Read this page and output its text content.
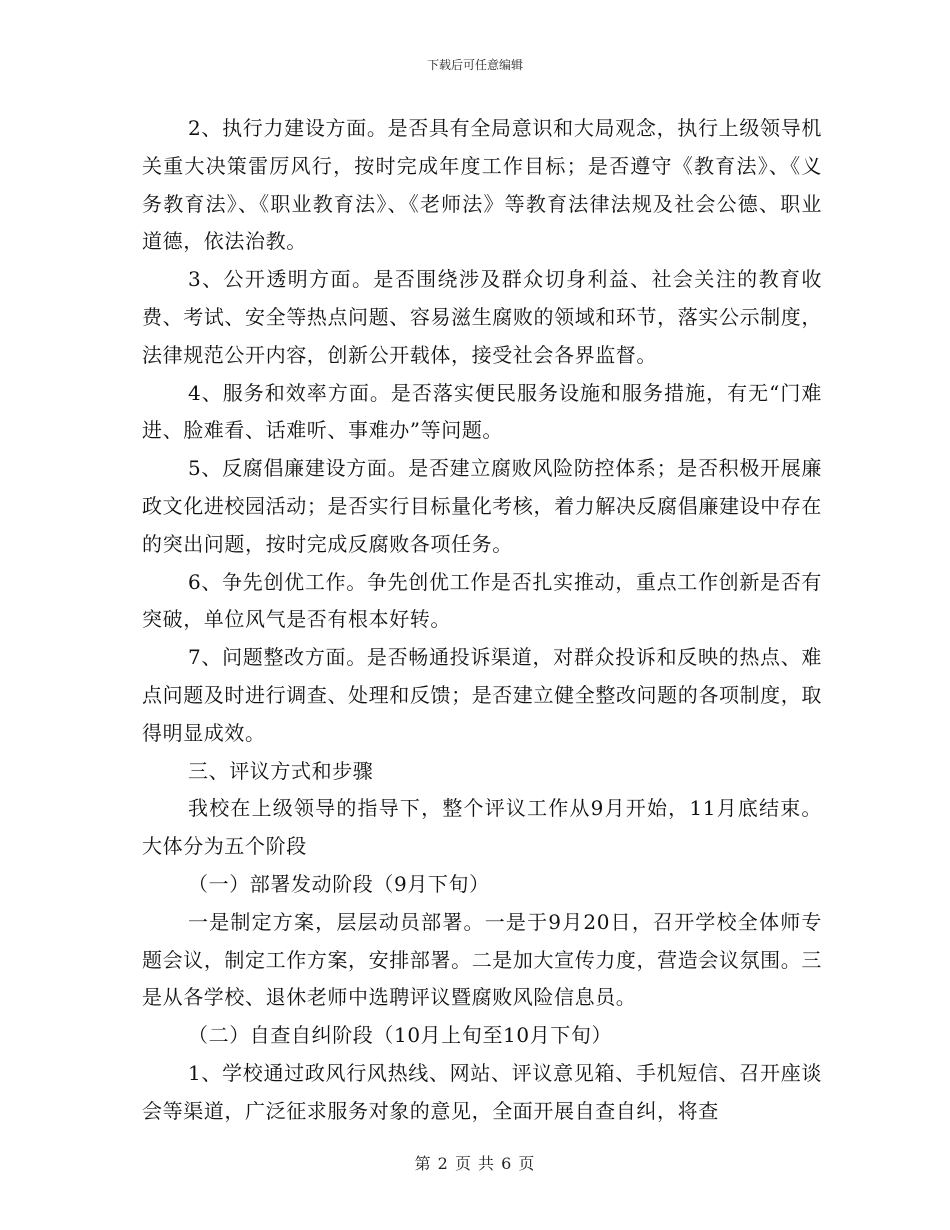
下载后可任意编辑

2、执行力建设方面。是否具有全局意识和大局观念，执行上级领导机关重大决策雷厉风行，按时完成年度工作目标；是否遵守《教育法》、《义务教育法》、《职业教育法》、《老师法》等教育法律法规及社会公德、职业道德，依法治教。

3、公开透明方面。是否围绕涉及群众切身利益、社会关注的教育收费、考试、安全等热点问题、容易滋生腐败的领域和环节，落实公示制度，法律规范公开内容，创新公开载体，接受社会各界监督。

4、服务和效率方面。是否落实便民服务设施和服务措施，有无“门难进、脸难看、话难听、事难办”等问题。

5、反腐倡廉建设方面。是否建立腐败风险防控体系；是否积极开展廉政文化进校园活动；是否实行目标量化考核，着力解决反腐倡廉建设中存在的突出问题，按时完成反腐败各项任务。

6、争先创优工作。争先创优工作是否扎实推动，重点工作创新是否有突破，单位风气是否有根本好转。

7、问题整改方面。是否畅通投诉渠道，对群众投诉和反映的热点、难点问题及时进行调查、处理和反馈；是否建立健全整改问题的各项制度，取得明显成效。

三、评议方式和步骤

我校在上级领导的指导下，整个评议工作从9月开始，11月底结束。大体分为五个阶段

（一）部署发动阶段（9月下旬）

一是制定方案，层层动员部署。一是于9月20日，召开学校全体师专题会议，制定工作方案，安排部署。二是加大宣传力度，营造会议氛围。三是从各学校、退休老师中选聘评议暨腐败风险信息员。

（二）自查自纠阶段（10月上旬至10月下旬）

1、学校通过政风行风热线、网站、评议意见箱、手机短信、召开座谈会等渠道，广泛征求服务对象的意见，全面开展自查自纠，将查

第 2 页 共 6 页
